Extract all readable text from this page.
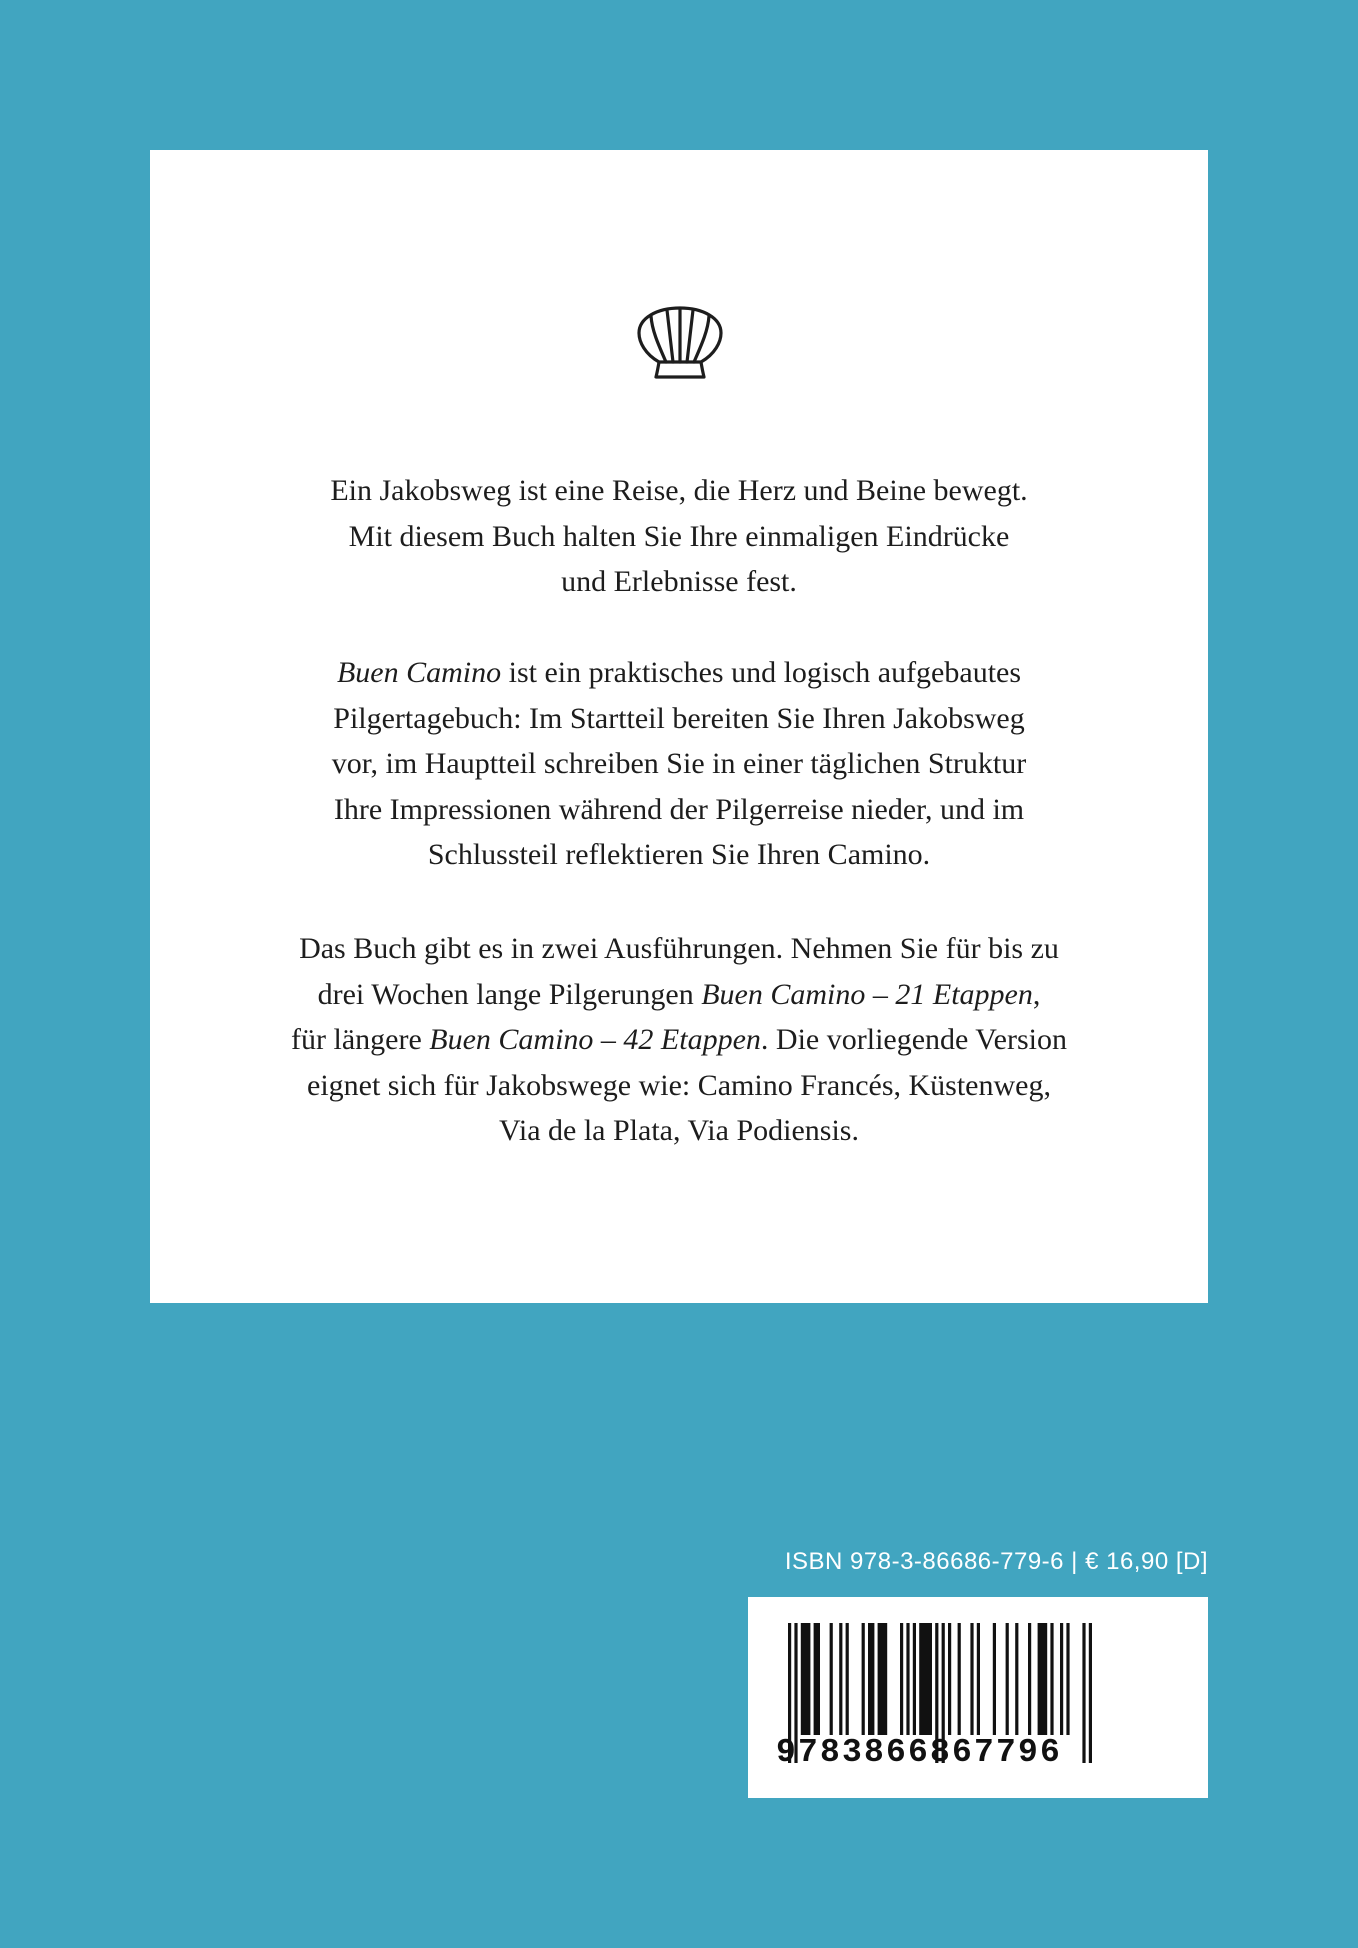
Ein Jakobsweg ist eine Reise, die Herz und Beine bewegt.
Mit diesem Buch halten Sie Ihre einmaligen Eindrücke
und Erlebnisse fest.
Buen Camino ist ein praktisches und logisch aufgebautes
Pilgertagebuch: Im Startteil bereiten Sie Ihren Jakobsweg
vor, im Hauptteil schreiben Sie in einer täglichen Struktur
Ihre Impressionen während der Pilgerreise nieder, und im
Schlussteil reflektieren Sie Ihren Camino.
Das Buch gibt es in zwei Ausführungen. Nehmen Sie für bis zu
drei Wochen lange Pilgerungen Buen Camino – 21 Etappen,
für längere Buen Camino – 42 Etappen. Die vorliegende Version
eignet sich für Jakobswege wie: Camino Francés, Küstenweg,
Via de la Plata, Via Podiensis.
ISBN 978-3-86686-779-6 | € 16,90 [D]
9783866867796
